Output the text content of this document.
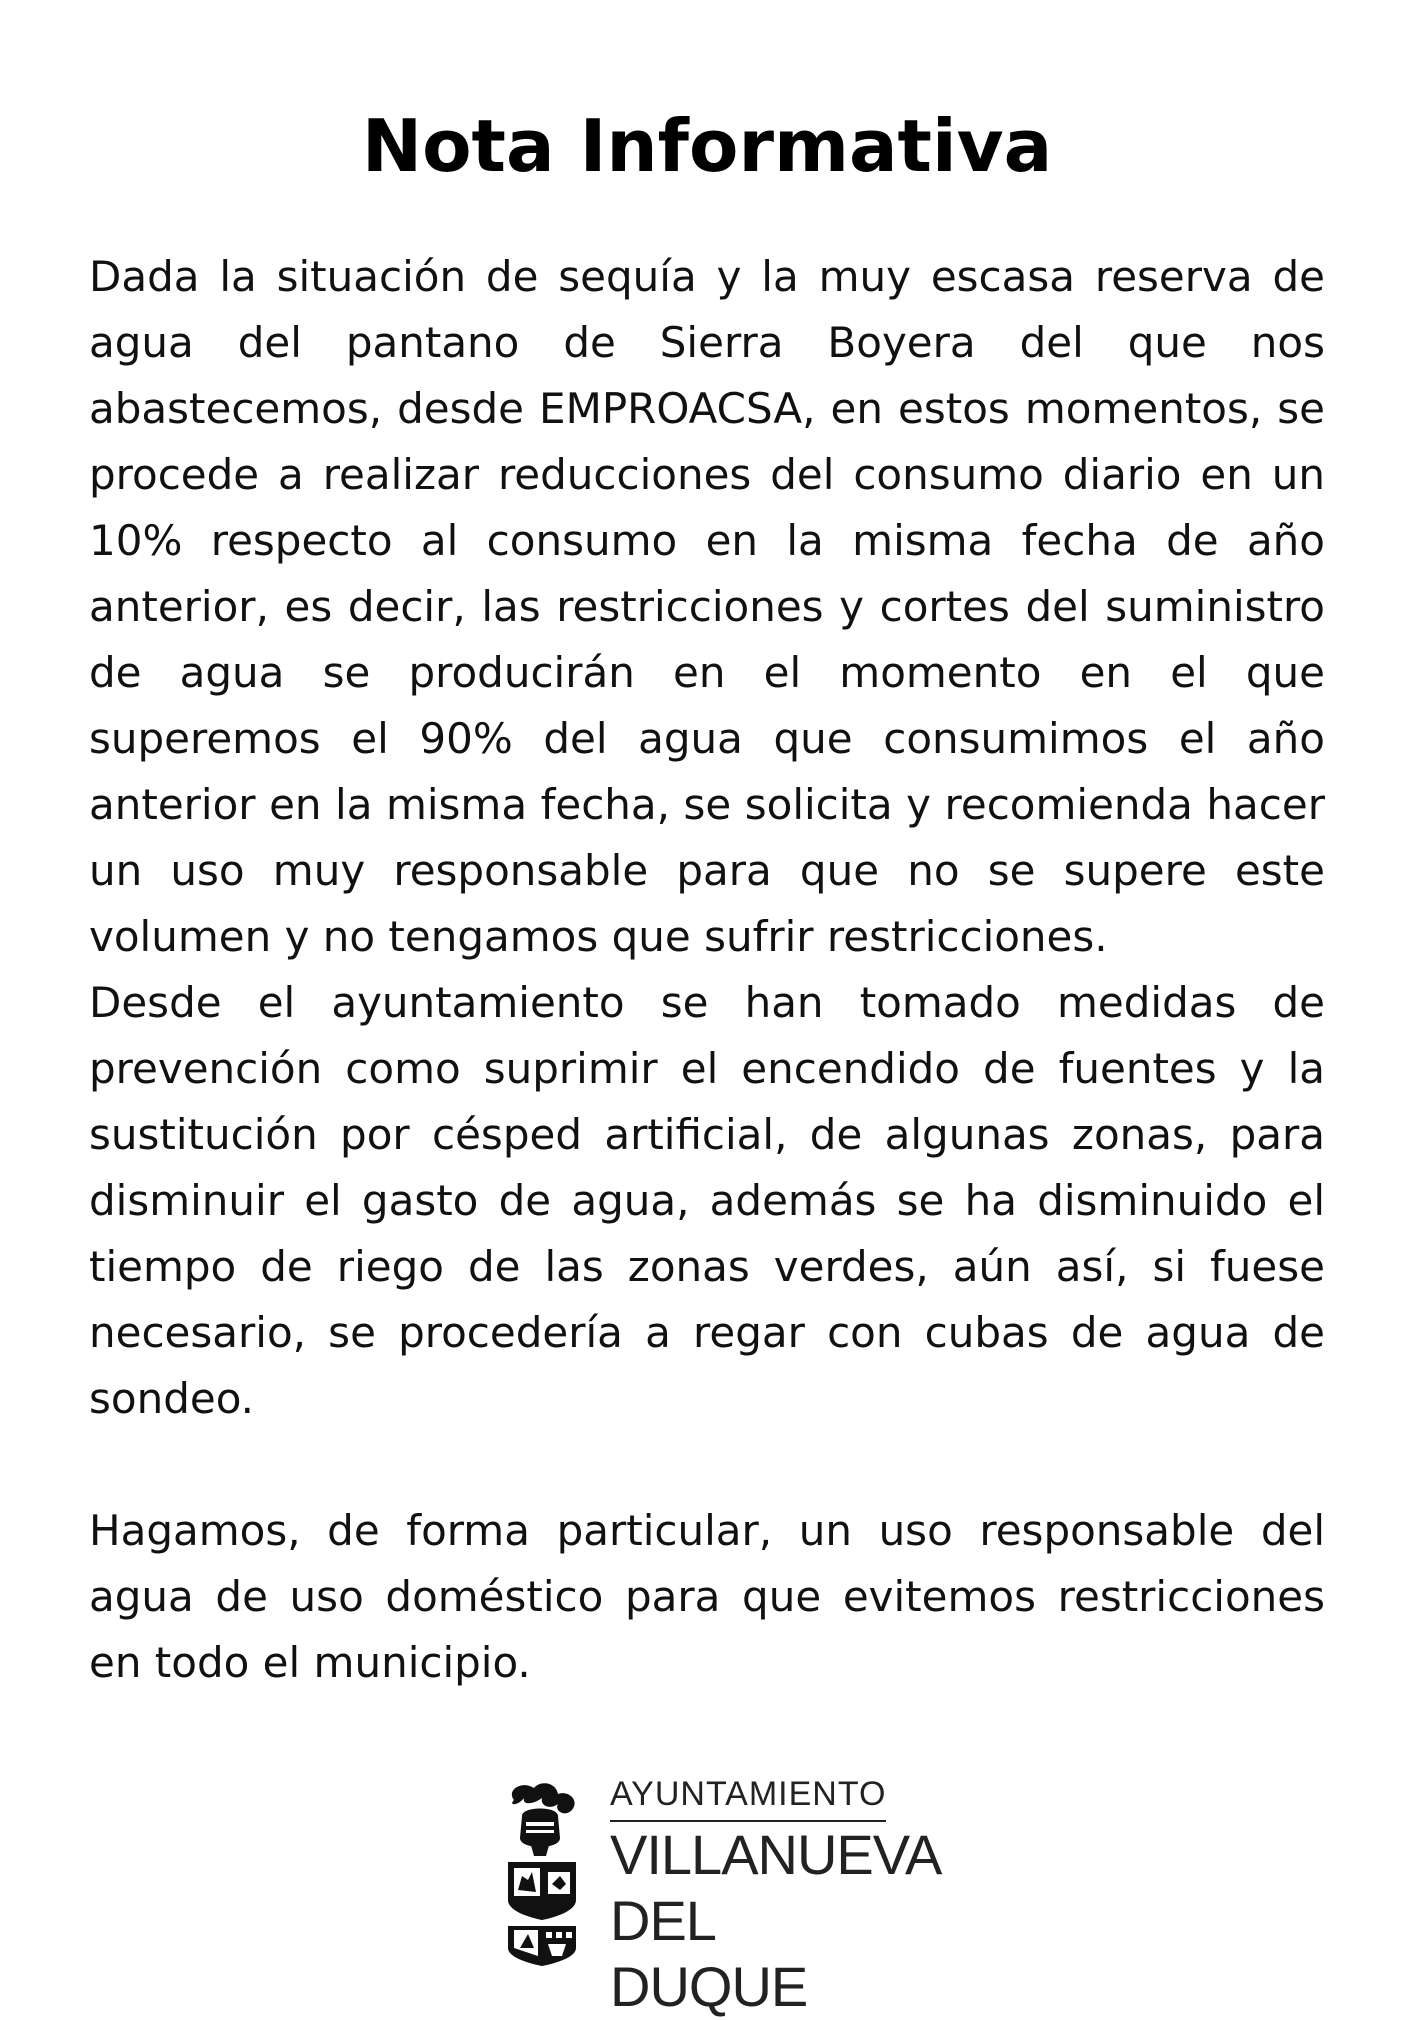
Nota Informativa

Dada la situación de sequía y la muy escasa reserva de agua del pantano de Sierra Boyera del que nos abastecemos, desde EMPROACSA, en estos momentos, se procede a realizar reducciones del consumo diario en un 10% respecto al consumo en la misma fecha de año anterior, es decir, las restricciones y cortes del suministro de agua se producirán en el momento en el que superemos el 90% del agua que consumimos el año anterior en la misma fecha, se solicita y recomienda hacer un uso muy responsable para que no se supere este volumen y no tengamos que sufrir restricciones.

Desde el ayuntamiento se han tomado medidas de prevención como suprimir el encendido de fuentes y la sustitución por césped artificial, de algunas zonas, para disminuir el gasto de agua, además se ha disminuido el tiempo de riego de las zonas verdes, aún así, si fuese necesario, se procedería a regar con cubas de agua de sondeo.

Hagamos, de forma particular, un uso responsable del agua de uso doméstico para que evitemos restricciones en todo el municipio.

AYUNTAMIENTO
VILLANUEVA
DEL DUQUE
